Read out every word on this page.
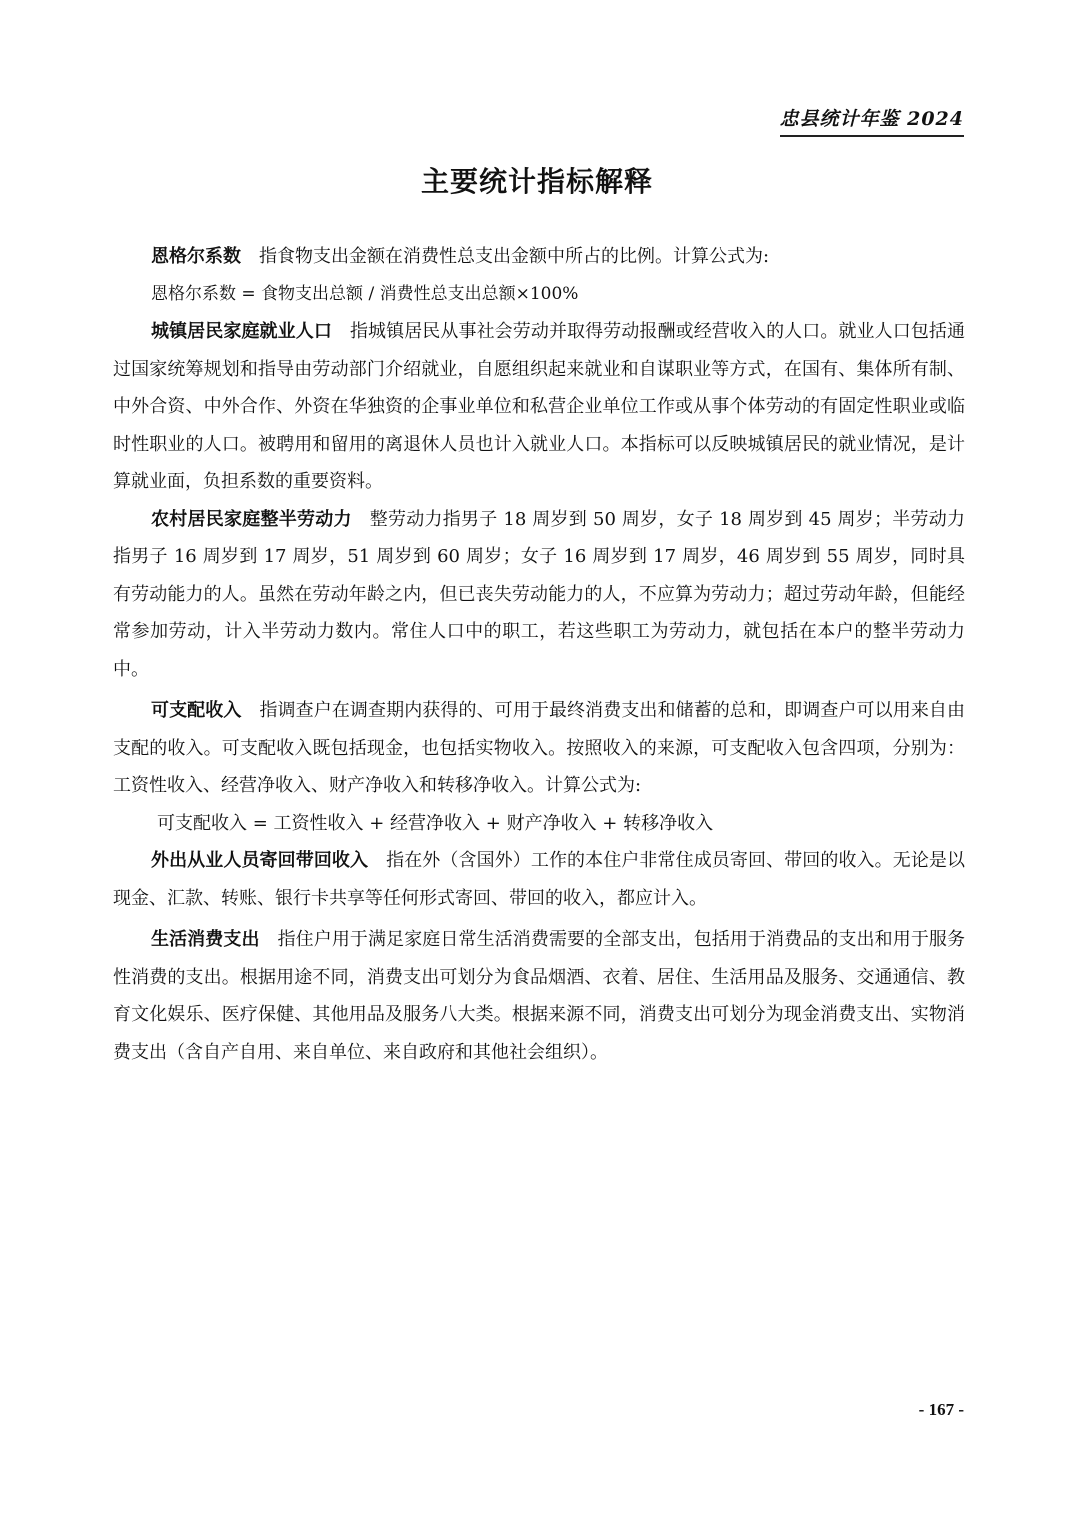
忠县统计年鉴 2024
主要统计指标解释

恩格尔系数 指食物支出金额在消费性总支出金额中所占的比例。计算公式为:

恩格尔系数 = 食物支出总额 / 消费性总支出总额×100%

城镇居民家庭就业人口 指城镇居民从事社会劳动并取得劳动报酬或经营收入的人口。就业人口包括通过国家统筹规划和指导由劳动部门介绍就业，自愿组织起来就业和自谋职业等方式，在国有、集体所有制、中外合资、中外合作、外资在华独资的企事业单位和私营企业单位工作或从事个体劳动的有固定性职业或临时性职业的人口。被聘用和留用的离退休人员也计入就业人口。本指标可以反映城镇居民的就业情况，是计算就业面，负担系数的重要资料。

农村居民家庭整半劳动力 整劳动力指男子 18 周岁到 50 周岁，女子 18 周岁到 45 周岁；半劳动力指男子 16 周岁到 17 周岁，51 周岁到 60 周岁；女子 16 周岁到 17 周岁，46 周岁到 55 周岁，同时具有劳动能力的人。虽然在劳动年龄之内，但已丧失劳动能力的人，不应算为劳动力；超过劳动年龄，但能经常参加劳动，计入半劳动力数内。常住人口中的职工，若这些职工为劳动力，就包括在本户的整半劳动力中。

可支配收入 指调查户在调查期内获得的、可用于最终消费支出和储蓄的总和，即调查户可以用来自由支配的收入。可支配收入既包括现金，也包括实物收入。按照收入的来源，可支配收入包含四项，分别为：工资性收入、经营净收入、财产净收入和转移净收入。计算公式为:

可支配收入 = 工资性收入 + 经营净收入 + 财产净收入 + 转移净收入

外出从业人员寄回带回收入 指在外（含国外）工作的本住户非常住成员寄回、带回的收入。无论是以现金、汇款、转账、银行卡共享等任何形式寄回、带回的收入，都应计入。

生活消费支出 指住户用于满足家庭日常生活消费需要的全部支出，包括用于消费品的支出和用于服务性消费的支出。根据用途不同，消费支出可划分为食品烟酒、衣着、居住、生活用品及服务、交通通信、教育文化娱乐、医疗保健、其他用品及服务八大类。根据来源不同，消费支出可划分为现金消费支出、实物消费支出（含自产自用、来自单位、来自政府和其他社会组织）。

- 167 -
